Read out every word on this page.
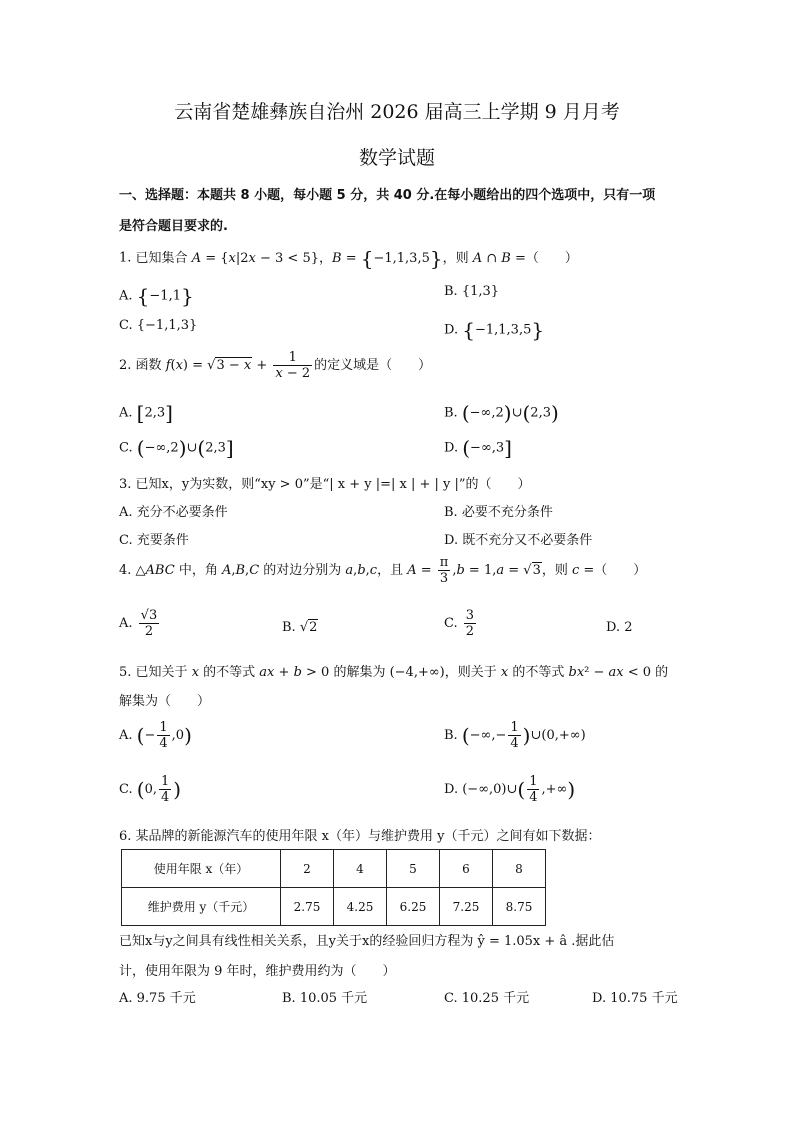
云南省楚雄彝族自治州 2026 届高三上学期 9 月月考
数学试题
一、选择题：本题共 8 小题，每小题 5 分，共 40 分.在每小题给出的四个选项中，只有一项
是符合题目要求的.
1. 已知集合 A = {x|2x − 3 < 5}，B = {−1,1,3,5}，则 A ∩ B =（　　）
A. {−1,1}	B. {1,3}
C. {−1,1,3}	D. {−1,1,3,5}
2. 函数 $f(x) = √3 - x + \frac{1}{x - 2}$ 的定义域是（　　）
A. [2,3]	B. (−∞,2)∪(2,3)
C. (−∞,2)∪(2,3]	D. (−∞,3]
3. 已知x，y为实数，则“xy > 0”是“| x + y |=| x | + | y |”的（　　）
A. 充分不必要条件	B. 必要不充分条件
C. 充要条件	D. 既不充分又不必要条件
4. △ABC 中，角 A,B,C 的对边分别为 a,b,c，且 $A = \frac{\pi}{3} ,b = 1,a = √3$，则 c =（　　）
A. $\frac{√3}{2}$	B. √2	C. $\frac{3}{2}$	D. 2
5. 已知关于 x 的不等式 ax + b > 0 的解集为 (−4,+∞)，则关于 x 的不等式 bx² − ax < 0 的
解集为（　　）
A. (− $\frac{1}{4} ,0$)	B. (−∞,− $\frac{1}{4}$ )∪(0,+∞)
C. (0, $\frac{1}{4}$ )	D. (−∞,0)∪( $\frac{1}{4}$ ,+∞)
6. 某品牌的新能源汽车的使用年限 x（年）与维护费用 y（千元）之间有如下数据：
使用年限 x（年）	2	4	5	6	8
维护费用 y（千元）	2.75	4.25	6.25	7.25	8.75
已知x与y之间具有线性相关关系，且y关于x的经验回归方程为 ŷ = 1.05x + â .据此估
计，使用年限为 9 年时，维护费用约为（　　）
A. 9.75 千元	B. 10.05 千元	C. 10.25 千元	D. 10.75 千元
